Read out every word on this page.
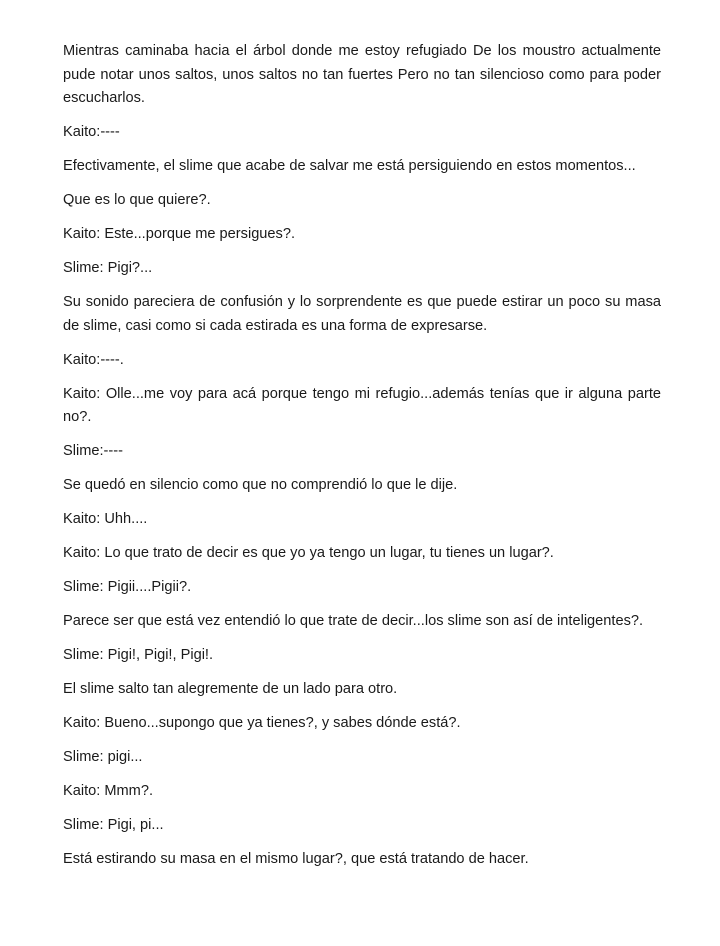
Mientras caminaba hacia el árbol donde me estoy refugiado De los moustro actualmente pude notar unos saltos, unos saltos no tan fuertes Pero no tan silencioso como para poder escucharlos.

Kaito:----

Efectivamente, el slime que acabe de salvar me está persiguiendo en estos momentos...

Que es lo que quiere?.

Kaito: Este...porque me persigues?.

Slime: Pigi?...

Su sonido pareciera de confusión y lo sorprendente es que puede estirar un poco su masa de slime, casi como si cada estirada es una forma de expresarse.

Kaito:----.

Kaito: Olle...me voy para acá porque tengo mi refugio...además tenías que ir alguna parte no?.

Slime:----

Se quedó en silencio como que no comprendió lo que le dije.

Kaito: Uhh....

Kaito: Lo que trato de decir es que yo ya tengo un lugar, tu tienes un lugar?.

Slime: Pigii....Pigii?.

Parece ser que está vez entendió lo que trate de decir...los slime son así de inteligentes?.

Slime: Pigi!, Pigi!, Pigi!.

El slime salto tan alegremente de un lado para otro.

Kaito: Bueno...supongo que ya tienes?, y sabes dónde está?.

Slime: pigi...

Kaito: Mmm?.

Slime: Pigi, pi...

Está estirando su masa en el mismo lugar?, que está tratando de hacer.
